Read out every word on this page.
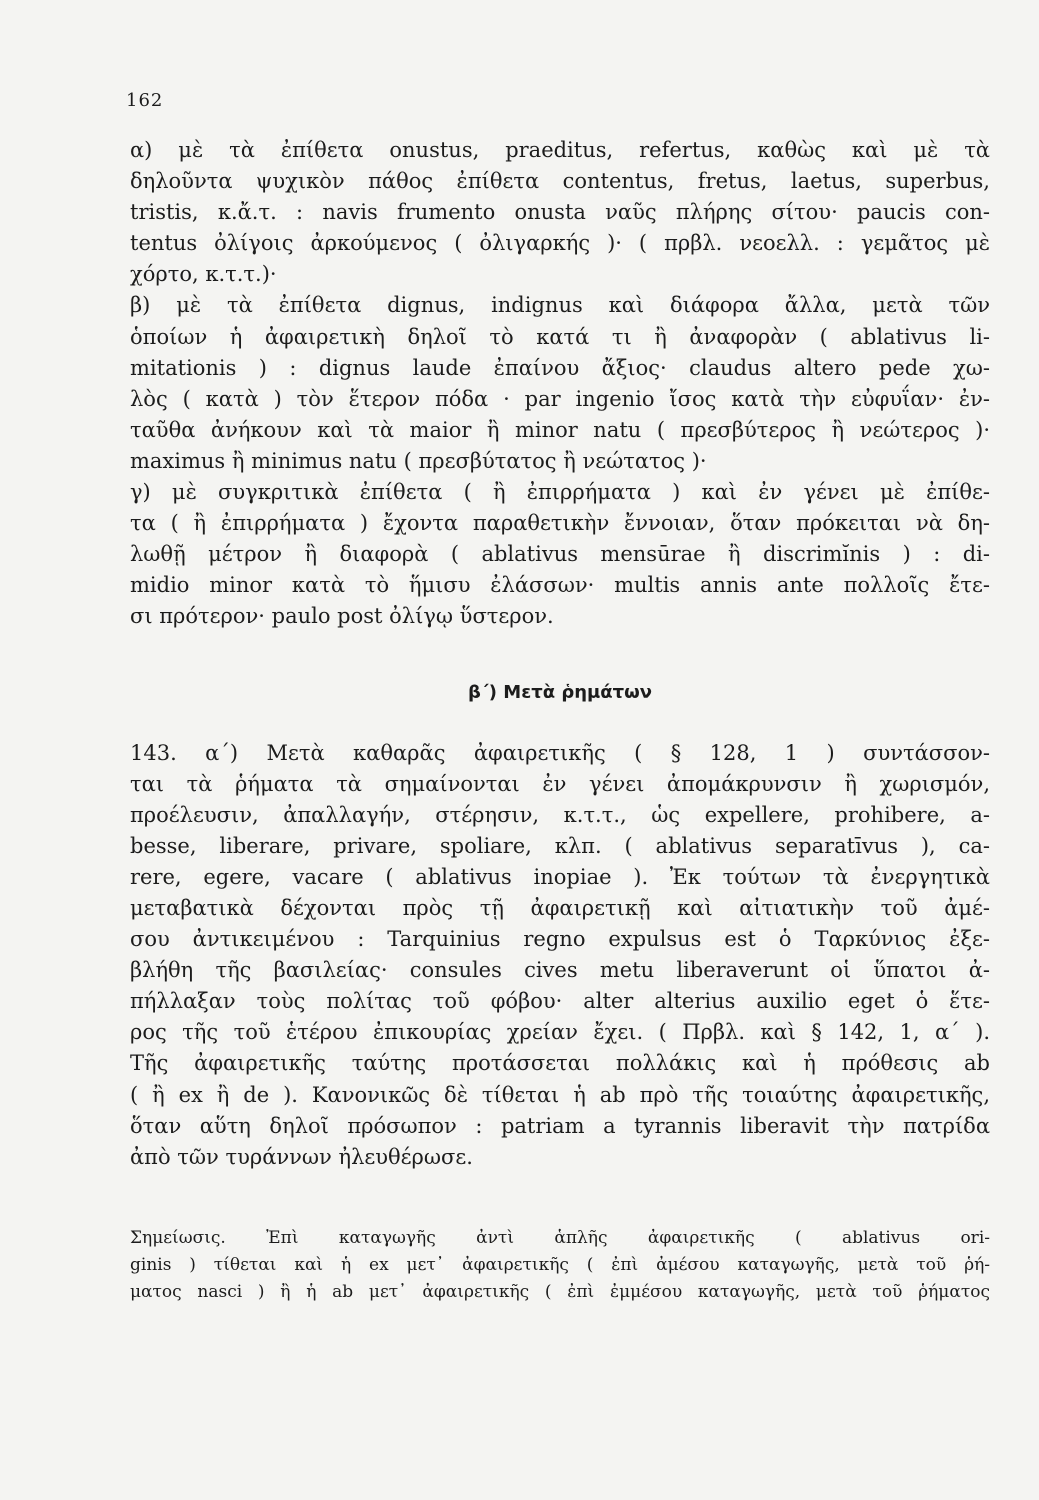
162
α) μὲ τὰ ἐπίθετα onustus, praeditus, refertus, καθὼς καὶ μὲ τὰ
δηλοῦντα ψυχικὸν πάθος ἐπίθετα contentus, fretus, laetus, superbus,
tristis, κ.ἄ.τ. : navis frumento onusta ναῦς πλήρης σίτου· paucis con-
tentus ὀλίγοις ἀρκούμενος ( ὀλιγαρκής )· ( πρβλ. νεοελλ. : γεμᾶτος μὲ
χόρτο, κ.τ.τ.)·
β) μὲ τὰ ἐπίθετα dignus, indignus καὶ διάφορα ἄλλα, μετὰ τῶν
ὁποίων ἡ ἀφαιρετικὴ δηλοῖ τὸ κατά τι ἢ ἀναφορὰν ( ablativus li-
mitationis ) : dignus laude ἐπαίνου ἄξιος· claudus altero pede χω-
λὸς ( κατὰ ) τὸν ἕτερον πόδα · par ingenio ἴσος κατὰ τὴν εὐφυΐαν· ἐν-
ταῦθα ἀνήκουν καὶ τὰ maior ἢ minor natu ( πρεσβύτερος ἢ νεώτερος )·
maximus ἢ minimus natu ( πρεσβύτατος ἢ νεώτατος )·
γ) μὲ συγκριτικὰ ἐπίθετα ( ἢ ἐπιρρήματα ) καὶ ἐν γένει μὲ ἐπίθε-
τα ( ἢ ἐπιρρήματα ) ἔχοντα παραθετικὴν ἔννοιαν, ὅταν πρόκειται νὰ δη-
λωθῇ μέτρον ἢ διαφορὰ ( ablativus mensūrae ἢ discrimĭnis ) : di-
midio minor κατὰ τὸ ἥμισυ ἐλάσσων· multis annis ante πολλοῖς ἔτε-
σι πρότερον· paulo post ὀλίγῳ ὕστερον.
β΄) Μετὰ ῥημάτων
143. α΄) Μετὰ καθαρᾶς ἀφαιρετικῆς ( § 128, 1 ) συντάσσον-
ται τὰ ῥήματα τὰ σημαίνονται ἐν γένει ἀπομάκρυνσιν ἢ χωρισμόν,
προέλευσιν, ἀπαλλαγήν, στέρησιν, κ.τ.τ., ὡς expellere, prohibere, a-
besse, liberare, privare, spoliare, κλπ. ( ablativus separatīvus ), ca-
rere, egere, vacare ( ablativus inopiae ). Ἐκ τούτων τὰ ἐνεργητικὰ
μεταβατικὰ δέχονται πρὸς τῇ ἀφαιρετικῇ καὶ αἰτιατικὴν τοῦ ἀμέ-
σου ἀντικειμένου : Tarquinius regno expulsus est ὁ Ταρκύνιος ἐξε-
βλήθη τῆς βασιλείας· consules cives metu liberaverunt οἱ ὕπατοι ἀ-
πήλλαξαν τοὺς πολίτας τοῦ φόβου· alter alterius auxilio eget ὁ ἕτε-
ρος τῆς τοῦ ἑτέρου ἐπικουρίας χρείαν ἔχει. ( Πρβλ. καὶ § 142, 1, α΄ ).
Τῆς ἀφαιρετικῆς ταύτης προτάσσεται πολλάκις καὶ ἡ πρόθεσις ab
( ἢ ex ἢ de ). Κανονικῶς δὲ τίθεται ἡ ab πρὸ τῆς τοιαύτης ἀφαιρετικῆς,
ὅταν αὕτη δηλοῖ πρόσωπον : patriam a tyrannis liberavit τὴν πατρίδα
ἀπὸ τῶν τυράννων ἠλευθέρωσε.
Σημείωσις. Ἐπὶ καταγωγῆς ἀντὶ ἁπλῆς ἀφαιρετικῆς ( ablativus ori-
ginis ) τίθεται καὶ ἡ ex μετ᾽ ἀφαιρετικῆς ( ἐπὶ ἀμέσου καταγωγῆς, μετὰ τοῦ ῥή-
ματος nasci ) ἢ ἡ ab μετ᾽ ἀφαιρετικῆς ( ἐπὶ ἐμμέσου καταγωγῆς, μετὰ τοῦ ῥήματος
